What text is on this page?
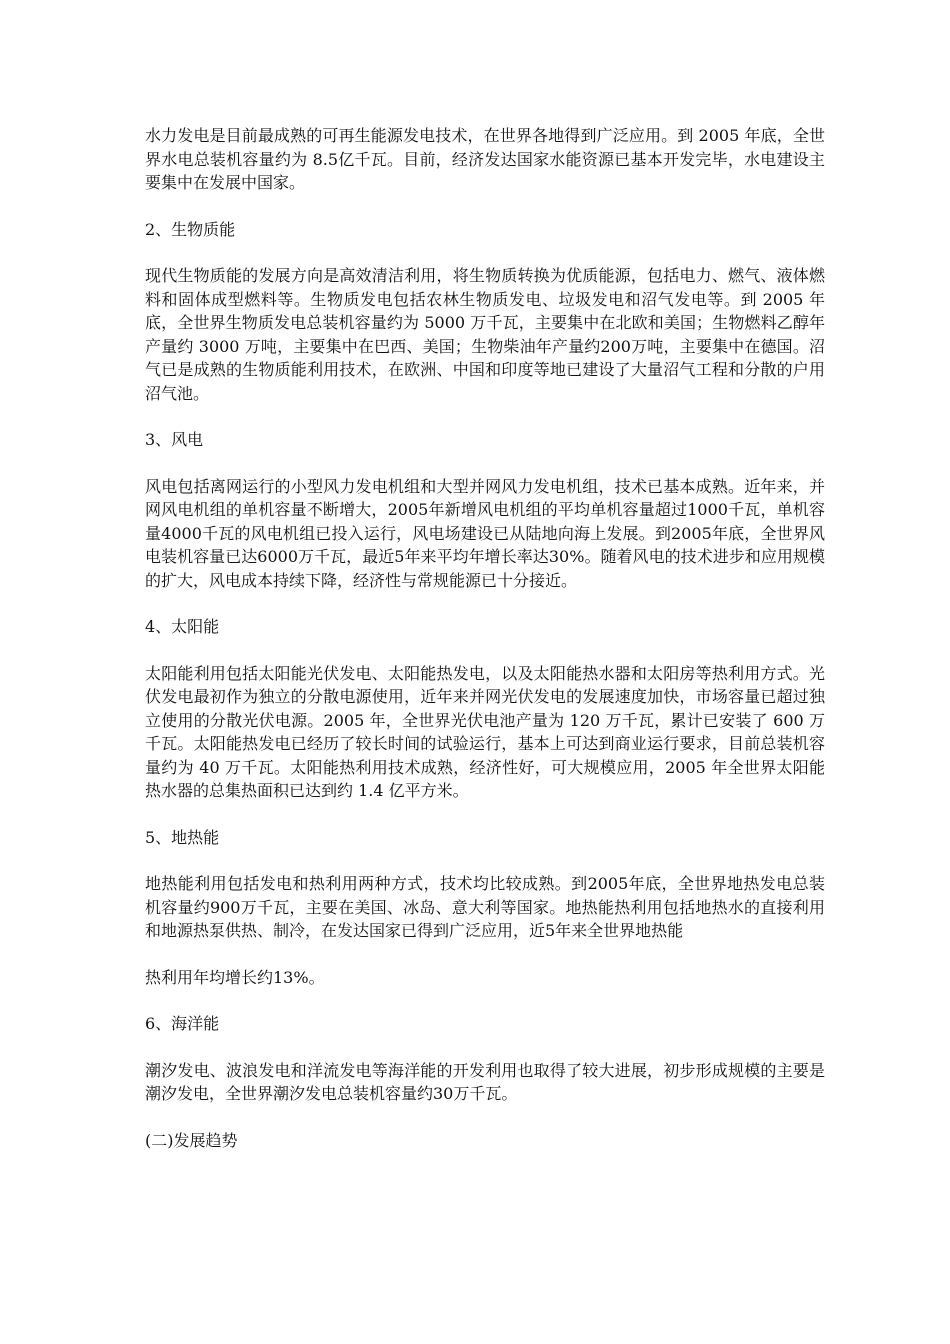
水力发电是目前最成熟的可再生能源发电技术，在世界各地得到广泛应用。到 2005 年底，全世界水电总装机容量约为 8.5亿千瓦。目前，经济发达国家水能资源已基本开发完毕，水电建设主要集中在发展中国家。

2、生物质能

现代生物质能的发展方向是高效清洁利用，将生物质转换为优质能源，包括电力、燃气、液体燃料和固体成型燃料等。生物质发电包括农林生物质发电、垃圾发电和沼气发电等。到 2005 年底，全世界生物质发电总装机容量约为 5000 万千瓦，主要集中在北欧和美国；生物燃料乙醇年产量约 3000 万吨，主要集中在巴西、美国；生物柴油年产量约200万吨，主要集中在德国。沼气已是成熟的生物质能利用技术，在欧洲、中国和印度等地已建设了大量沼气工程和分散的户用沼气池。

3、风电

风电包括离网运行的小型风力发电机组和大型并网风力发电机组，技术已基本成熟。近年来，并网风电机组的单机容量不断增大，2005年新增风电机组的平均单机容量超过1000千瓦，单机容量4000千瓦的风电机组已投入运行，风电场建设已从陆地向海上发展。到2005年底，全世界风电装机容量已达6000万千瓦，最近5年来平均年增长率达30%。随着风电的技术进步和应用规模的扩大，风电成本持续下降，经济性与常规能源已十分接近。

4、太阳能

太阳能利用包括太阳能光伏发电、太阳能热发电，以及太阳能热水器和太阳房等热利用方式。光伏发电最初作为独立的分散电源使用，近年来并网光伏发电的发展速度加快，市场容量已超过独立使用的分散光伏电源。2005 年，全世界光伏电池产量为 120 万千瓦，累计已安装了 600 万千瓦。太阳能热发电已经历了较长时间的试验运行，基本上可达到商业运行要求，目前总装机容量约为 40 万千瓦。太阳能热利用技术成熟，经济性好，可大规模应用，2005 年全世界太阳能热水器的总集热面积已达到约 1.4 亿平方米。

5、地热能

地热能利用包括发电和热利用两种方式，技术均比较成熟。到2005年底，全世界地热发电总装机容量约900万千瓦，主要在美国、冰岛、意大利等国家。地热能热利用包括地热水的直接利用和地源热泵供热、制冷，在发达国家已得到广泛应用，近5年来全世界地热能

热利用年均增长约13%。

6、海洋能

潮汐发电、波浪发电和洋流发电等海洋能的开发利用也取得了较大进展，初步形成规模的主要是潮汐发电，全世界潮汐发电总装机容量约30万千瓦。

(二)发展趋势
